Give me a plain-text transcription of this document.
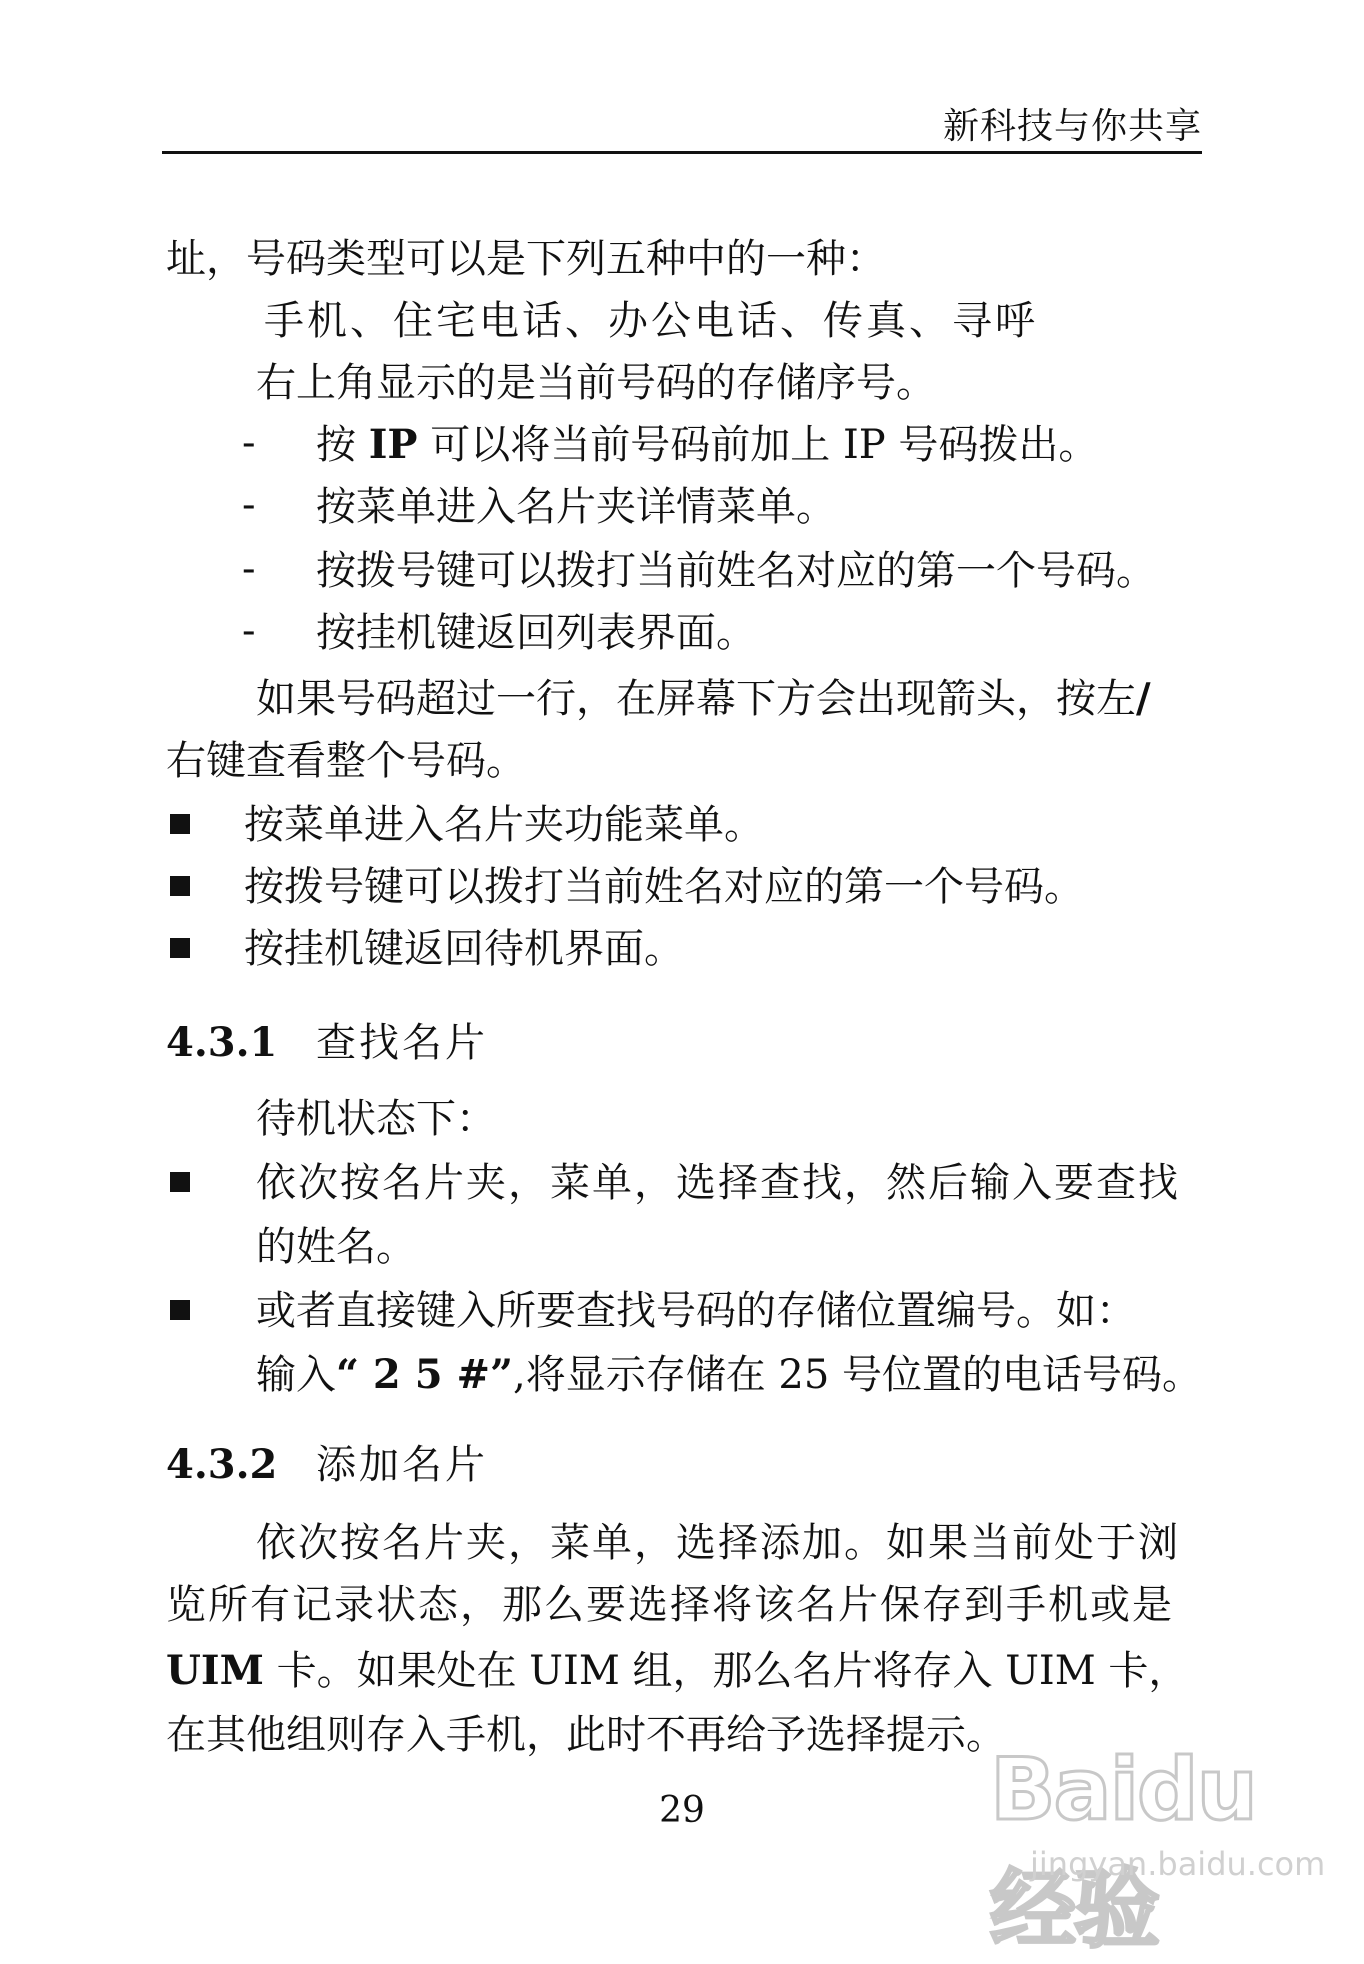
新科技与你共享
址，号码类型可以是下列五种中的一种：
手机、住宅电话、办公电话、传真、寻呼
右上角显示的是当前号码的存储序号。
- 按 IP 可以将当前号码前加上 IP 号码拨出。
- 按菜单进入名片夹详情菜单。
- 按拨号键可以拨打当前姓名对应的第一个号码。
- 按挂机键返回列表界面。
如果号码超过一行，在屏幕下方会出现箭头，按左/
右键查看整个号码。
按菜单进入名片夹功能菜单。
按拨号键可以拨打当前姓名对应的第一个号码。
按挂机键返回待机界面。
4.3.1 查找名片
待机状态下：
依次按名片夹，菜单，选择查找，然后输入要查找
的姓名。
或者直接键入所要查找号码的存储位置编号。如：
输入“ 2 5 #”,将显示存储在 25 号位置的电话号码。
4.3.2 添加名片
依次按名片夹，菜单，选择添加。如果当前处于浏
览所有记录状态，那么要选择将该名片保存到手机或是
UIM 卡。如果处在 UIM 组，那么名片将存入 UIM 卡，
在其他组则存入手机，此时不再给予选择提示。
29	Baidu经验
jingyan.baidu.com
